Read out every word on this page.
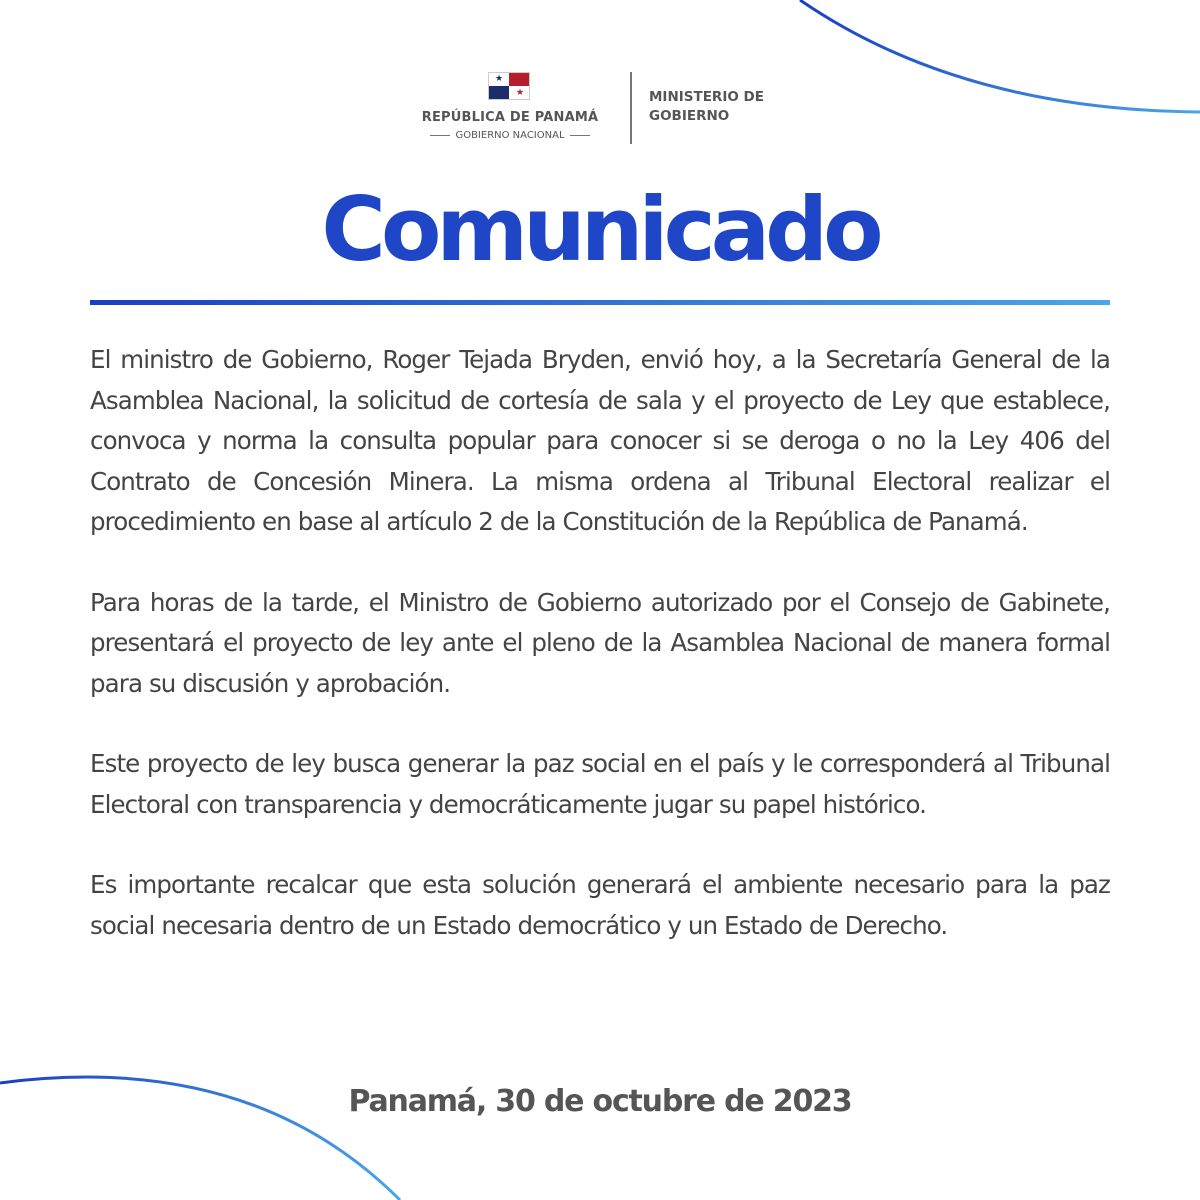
★
★
REPÚBLICA DE PANAMÁ
GOBIERNO NACIONAL
MINISTERIO DE
GOBIERNO
Comunicado

El ministro de Gobierno, Roger Tejada Bryden, envió hoy, a la Secretaría General de la Asamblea Nacional, la solicitud de cortesía de sala y el proyecto de Ley que establece, convoca y norma la consulta popular para conocer si se deroga o no la Ley 406 del Contrato de Concesión Minera. La misma ordena al Tribunal Electoral realizar el procedimiento en base al artículo 2 de la Constitución de la República de Panamá.

Para horas de la tarde, el Ministro de Gobierno autorizado por el Consejo de Gabinete, presentará el proyecto de ley ante el pleno de la Asamblea Nacional de manera formal para su discusión y aprobación.

Este proyecto de ley busca generar la paz social en el país y le corresponderá al Tribunal Electoral con transparencia y democráticamente jugar su papel histórico.

Es importante recalcar que esta solución generará el ambiente necesario para la paz social necesaria dentro de un Estado democrático y un Estado de Derecho.

Panamá, 30 de octubre de 2023
